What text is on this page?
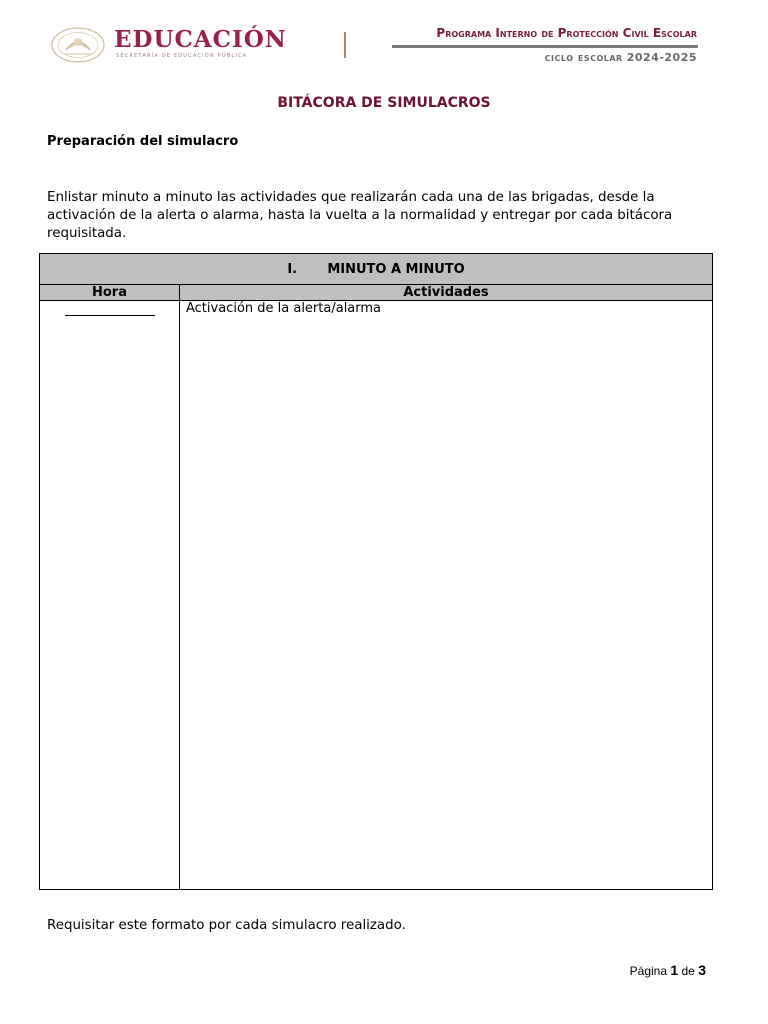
EDUCACIÓN
SECRETARÍA DE EDUCACIÓN PÚBLICA
Programa Interno de Protección Civil Escolar
ciclo escolar 2024-2025
BITÁCORA DE SIMULACROS
Preparación del simulacro
Enlistar minuto a minuto las actividades que realizarán cada una de las brigadas, desde la activación de la alerta o alarma, hasta la vuelta a la normalidad y entregar por cada bitácora requisitada.
I. MINUTO A MINUTO	
Hora	Actividades
	Activación de la alerta/alarma
Requisitar este formato por cada simulacro realizado.
Página 1 de 3
